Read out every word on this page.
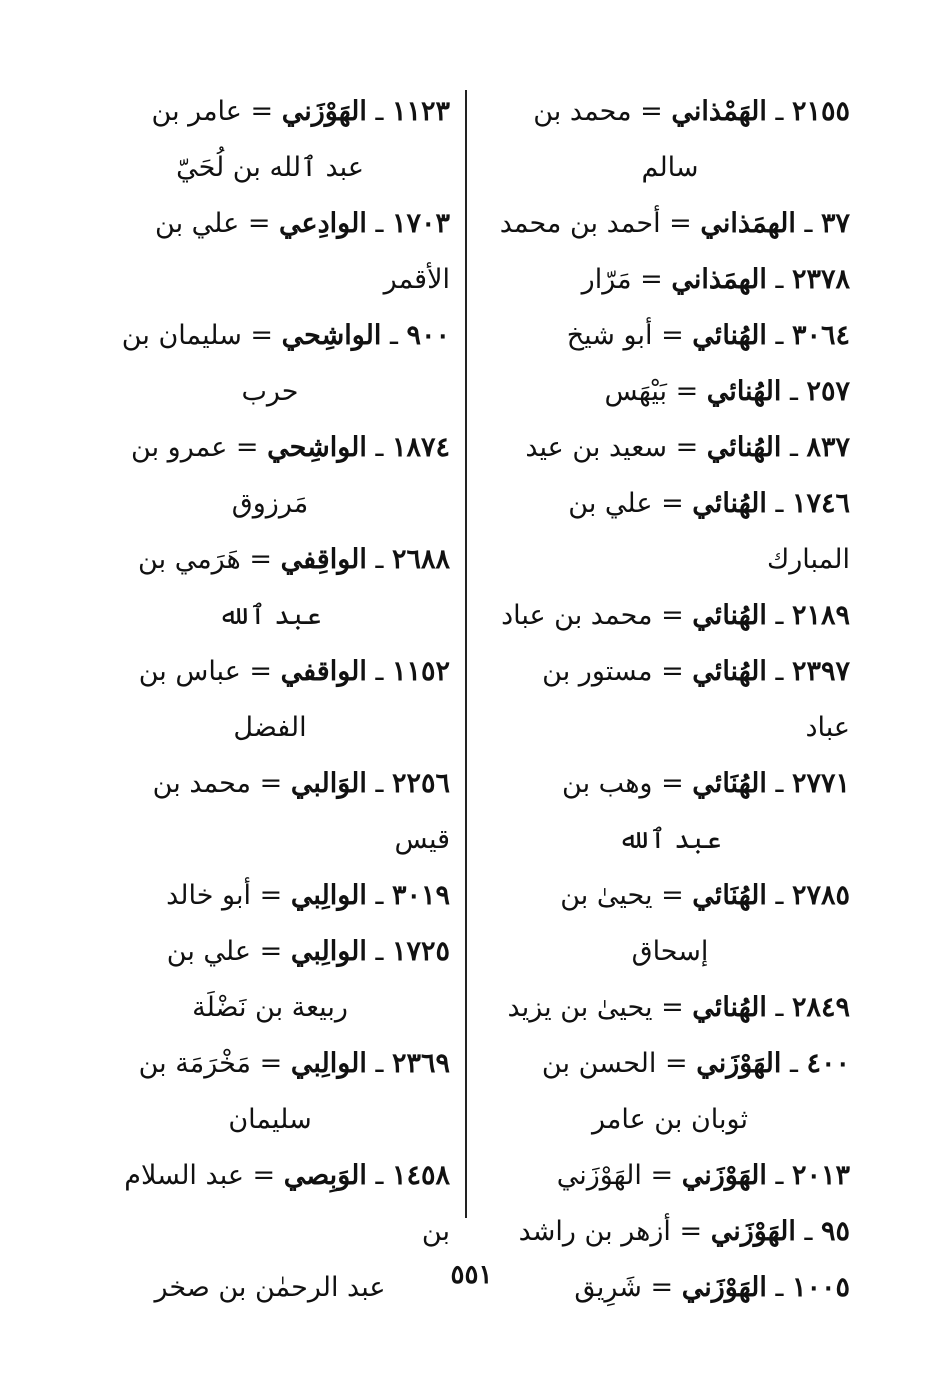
٢١٥٥ ـ الهَمْذاني = محمد بن
سالم

٣٧ ـ الهمَذاني = أحمد بن محمد

٢٣٧٨ ـ الهمَذاني = مَرّار

٣٠٦٤ ـ الهُنائي = أبو شيخ

٢٥٧ ـ الهُنائي = بَيْهَس

٨٣٧ ـ الهُنائي = سعيد بن عيد

١٧٤٦ ـ الهُنائي = علي بن المبارك

٢١٨٩ ـ الهُنائي = محمد بن عباد

٢٣٩٧ ـ الهُنائي = مستور بن عباد

٢٧٧١ ـ الهُنَائي = وهب بن
عبد ٱلله

٢٧٨٥ ـ الهُنَائي = يحيىٰ بن
إسحاق

٢٨٤٩ ـ الهُنائي = يحيىٰ بن يزيد

٤٠٠ ـ الهَوْزَني = الحسن بن
ثوبان بن عامر

٢٠١٣ ـ الهَوْزَني = الهَوْزَني

٩٥ ـ الهَوْزَني = أزهر بن راشد

١٠٠٥ ـ الهَوْزَني = شَرِيق

١١٢٣ ـ الهَوْزَني = عامر بن
عبد ٱلله بن لُحَيّ

١٧٠٣ ـ الوادِعي = علي بن الأقمر

٩٠٠ ـ الواشِحي = سليمان بن
حرب

١٨٧٤ ـ الواشِحي = عمرو بن
مَرزوق

٢٦٨٨ ـ الواقِفي = هَرَمي بن
عبد ٱلله

١١٥٢ ـ الواقفي = عباس بن
الفضل

٢٢٥٦ ـ الوَالبي = محمد بن قيس

٣٠١٩ ـ الوالِبي = أبو خالد

١٧٢٥ ـ الوالِبي = علي بن
ربيعة بن نَضْلَة

٢٣٦٩ ـ الوالِبي = مَخْرَمَة بن
سليمان

١٤٥٨ ـ الوَبِصي = عبد السلام بن
عبد الرحمٰن بن صخر	٥٥١
